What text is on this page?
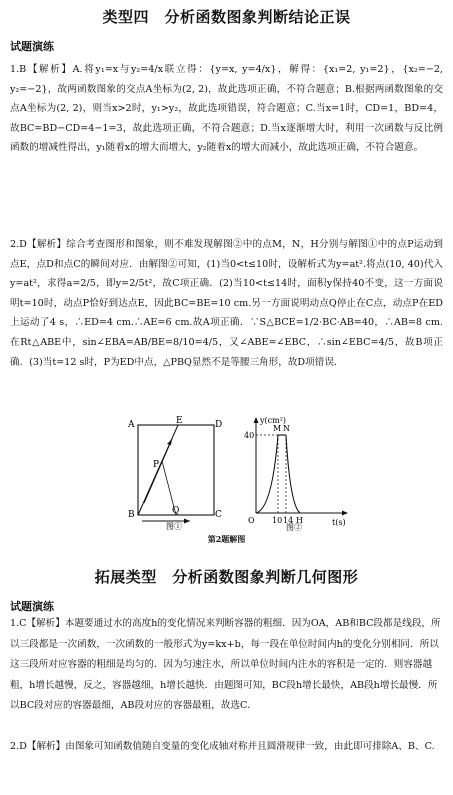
类型四　分析函数图象判断结论正误
试题演练
1.B【解析】A.将y₁=x与y₂=4/x联立得：{y=x, y=4/x}，解得：{x₁=2, y₁=2}，{x₂=−2, y₂=−2}，故两函数图象的交点A坐标为(2, 2)，故此选项正确，不符合题意；B.根据两函数图象的交点A坐标为(2, 2)，则当x>2时，y₁>y₂，故此选项错误，符合题意；C.当x=1时，CD=1，BD=4，故BC=BD−CD=4−1=3，故此选项正确，不符合题意；D.当x逐渐增大时，利用一次函数与反比例函数的增减性得出，y₁随着x的增大而增大，y₂随着x的增大而减小，故此选项正确，不符合题意。
2.D【解析】综合考查图形和图象，则不难发现解图②中的点M，N，H分别与解图①中的点P运动到点E，点D和点C的瞬间对应．由解图②可知，(1)当0<t≤10时，设解析式为y=at².将点(10, 40)代入y=at²，求得a=2/5，即y=2/5t²，故C项正确．(2)当10<t≤14时，面积y保持40不变，这一方面说明t=10时，动点P恰好到达点E，因此BC=BE=10 cm.另一方面说明动点Q停止在C点，动点P在ED上运动了4 s，∴ED=4 cm.∴AE=6 cm.故A项正确．∵S△BCE=1/2·BC·AB=40，∴AB=8 cm.在Rt△ABE中，sin∠EBA=AB/BE=8/10=4/5，又∠ABE=∠EBC，∴sin∠EBC=4/5，故B项正确．(3)当t=12 s时，P为ED中点，△PBQ显然不是等腰三角形，故D项错误．
A	E	D
P
B	Q	C
图①
y(cm²)
t(s)
O
40
10 14 H
M N
图②
第2题解图
拓展类型　分析函数图象判断几何图形
试题演练
1.C【解析】本题要通过水的高度h的变化情况来判断容器的粗细．因为OA，AB和BC段都是线段，所以三段都是一次函数，一次函数的一般形式为y=kx+b，每一段在单位时间内h的变化分别相同．所以这三段所对应容器的粗细是均匀的．因为匀速注水，所以单位时间内注水的容积是一定的．则容器越粗，h增长越慢，反之，容器越细，h增长越快．由题图可知，BC段h增长最快，AB段h增长最慢．所以BC段对应的容器最细，AB段对应的容器最粗，故选C．
2.D【解析】由图象可知函数值随自变量的变化成轴对称并且圆滑规律一致，由此即可排除A、B、C.
